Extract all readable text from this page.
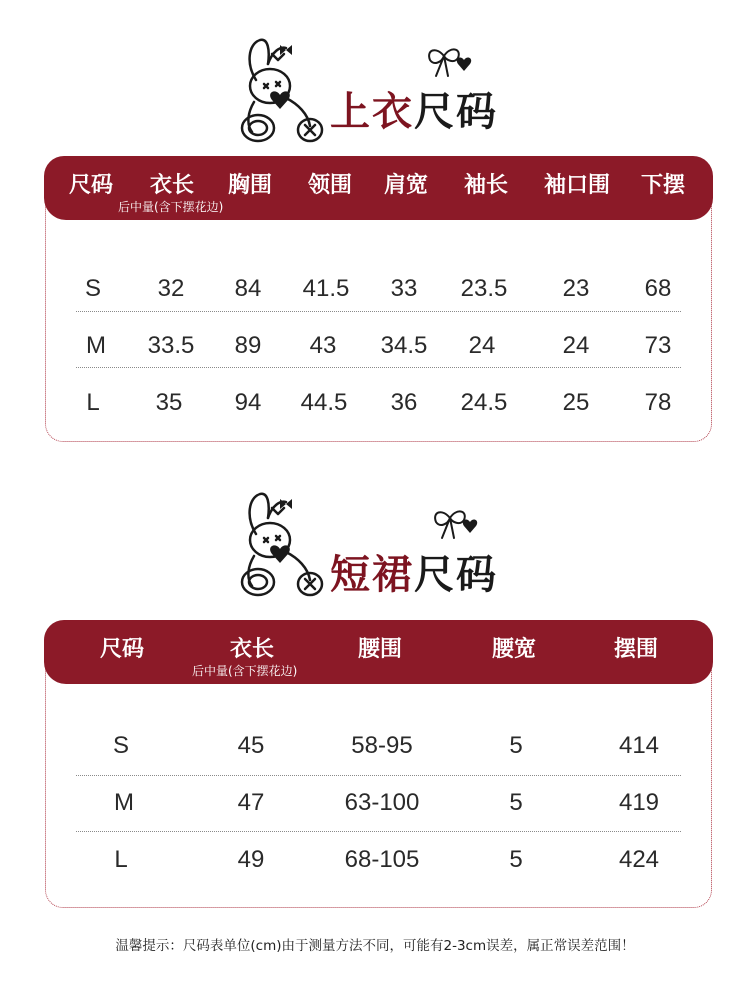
上衣尺码
尺码 衣长 胸围 领围 肩宽 袖长 袖口围 下摆
后中量(含下摆花边)
S 32 84 41.5 33 23.5 23 68
M 33.5 89 43 34.5 24	24 73
L 35 94 44.5 36 24.5 25 78
短裙尺码
尺码	衣长	腰围	腰宽	摆围
后中量(含下摆花边)
S	45	58-95	5	414
M	47	63-100	5	419
L	49	68-105	5	424
温馨提示：尺码表单位(cm)由于测量方法不同，可能有2-3cm误差，属正常误差范围！
